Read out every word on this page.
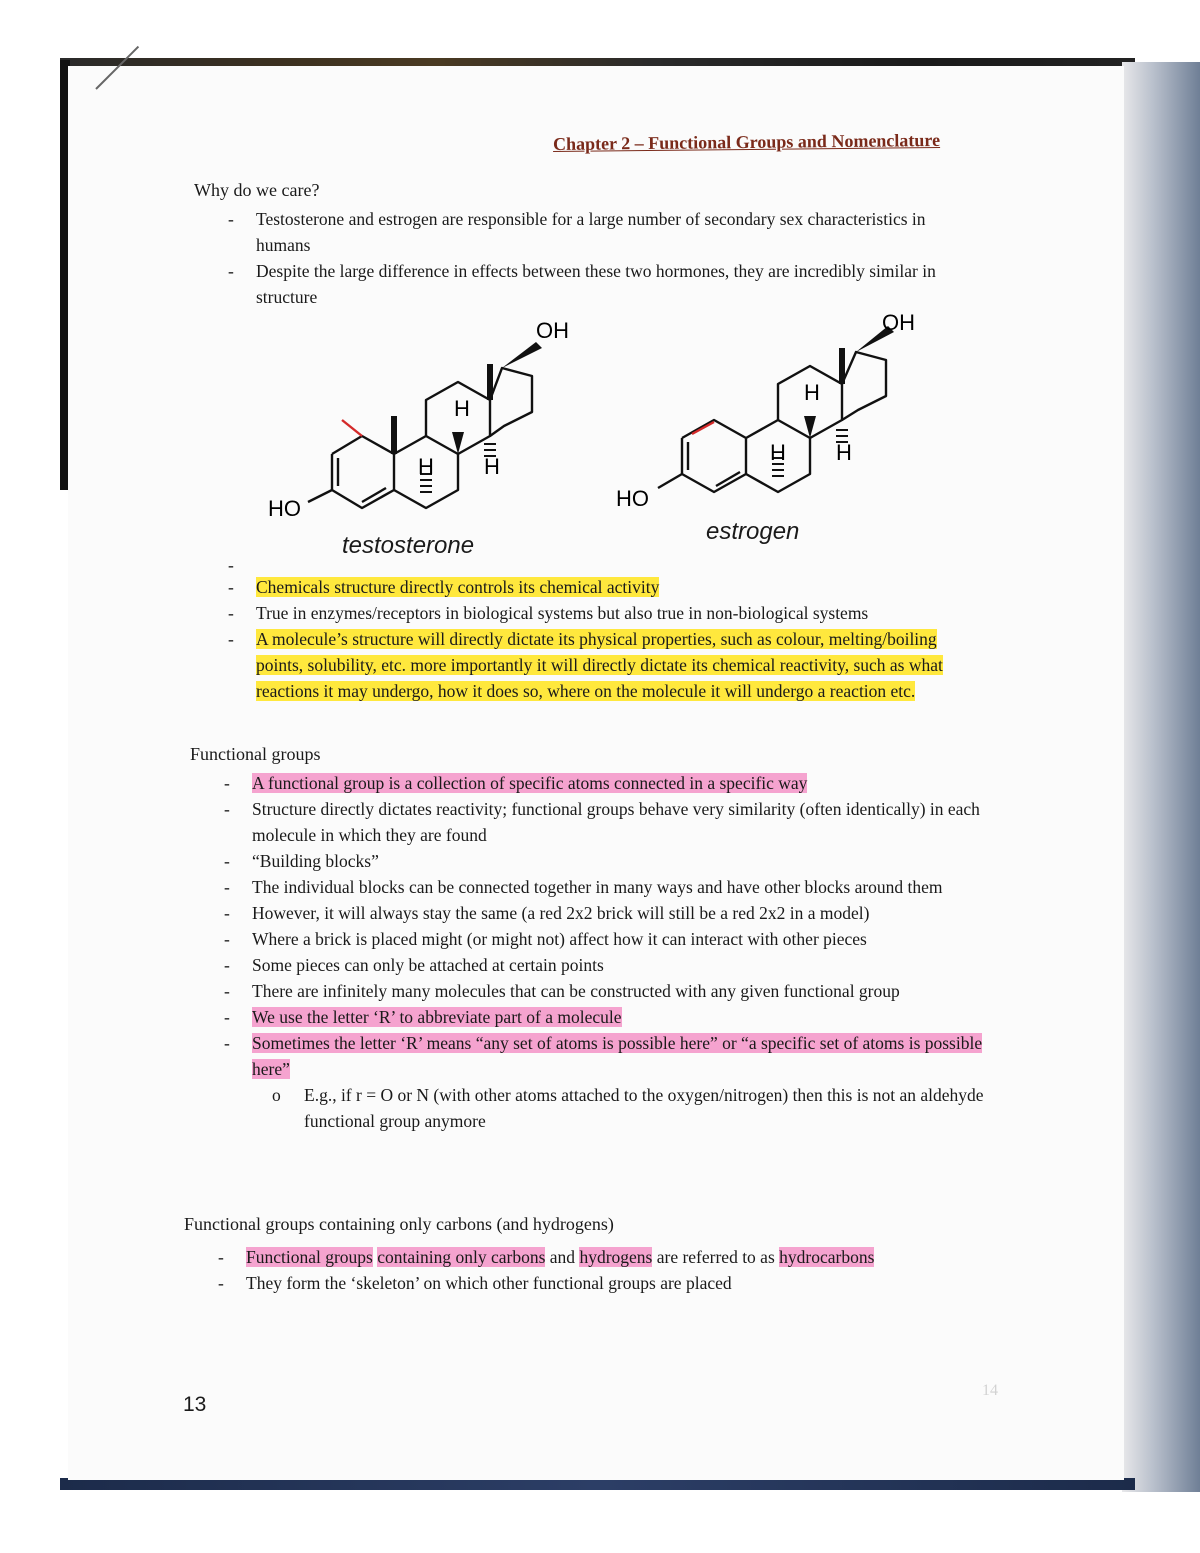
Chapter 2 – Functional Groups and Nomenclature
Why do we care?
- Testosterone and estrogen are responsible for a large number of secondary sex characteristics in humans
- Despite the large difference in effects between these two hormones, they are incredibly similar in structure
OH
HO
H
H H
testosterone
OH
HO
H
H H
estrogen
-
- Chemicals structure directly controls its chemical activity
- True in enzymes/receptors in biological systems but also true in non-biological systems
- A molecule’s structure will directly dictate its physical properties, such as colour, melting/boiling points, solubility, etc. more importantly it will directly dictate its chemical reactivity, such as what reactions it may undergo, how it does so, where on the molecule it will undergo a reaction etc.
Functional groups
- A functional group is a collection of specific atoms connected in a specific way
- Structure directly dictates reactivity; functional groups behave very similarity (often identically) in each molecule in which they are found
- “Building blocks”
- The individual blocks can be connected together in many ways and have other blocks around them
- However, it will always stay the same (a red 2x2 brick will still be a red 2x2 in a model)
- Where a brick is placed might (or might not) affect how it can interact with other pieces
- Some pieces can only be attached at certain points
- There are infinitely many molecules that can be constructed with any given functional group
- We use the letter ‘R’ to abbreviate part of a molecule
- Sometimes the letter ‘R’ means “any set of atoms is possible here” or “a specific set of atoms is possible here”
o E.g., if r = O or N (with other atoms attached to the oxygen/nitrogen) then this is not an aldehyde functional group anymore
Functional groups containing only carbons (and hydrogens)
- Functional groups containing only carbons and hydrogens are referred to as hydrocarbons
- They form the ‘skeleton’ on which other functional groups are placed
13
14
